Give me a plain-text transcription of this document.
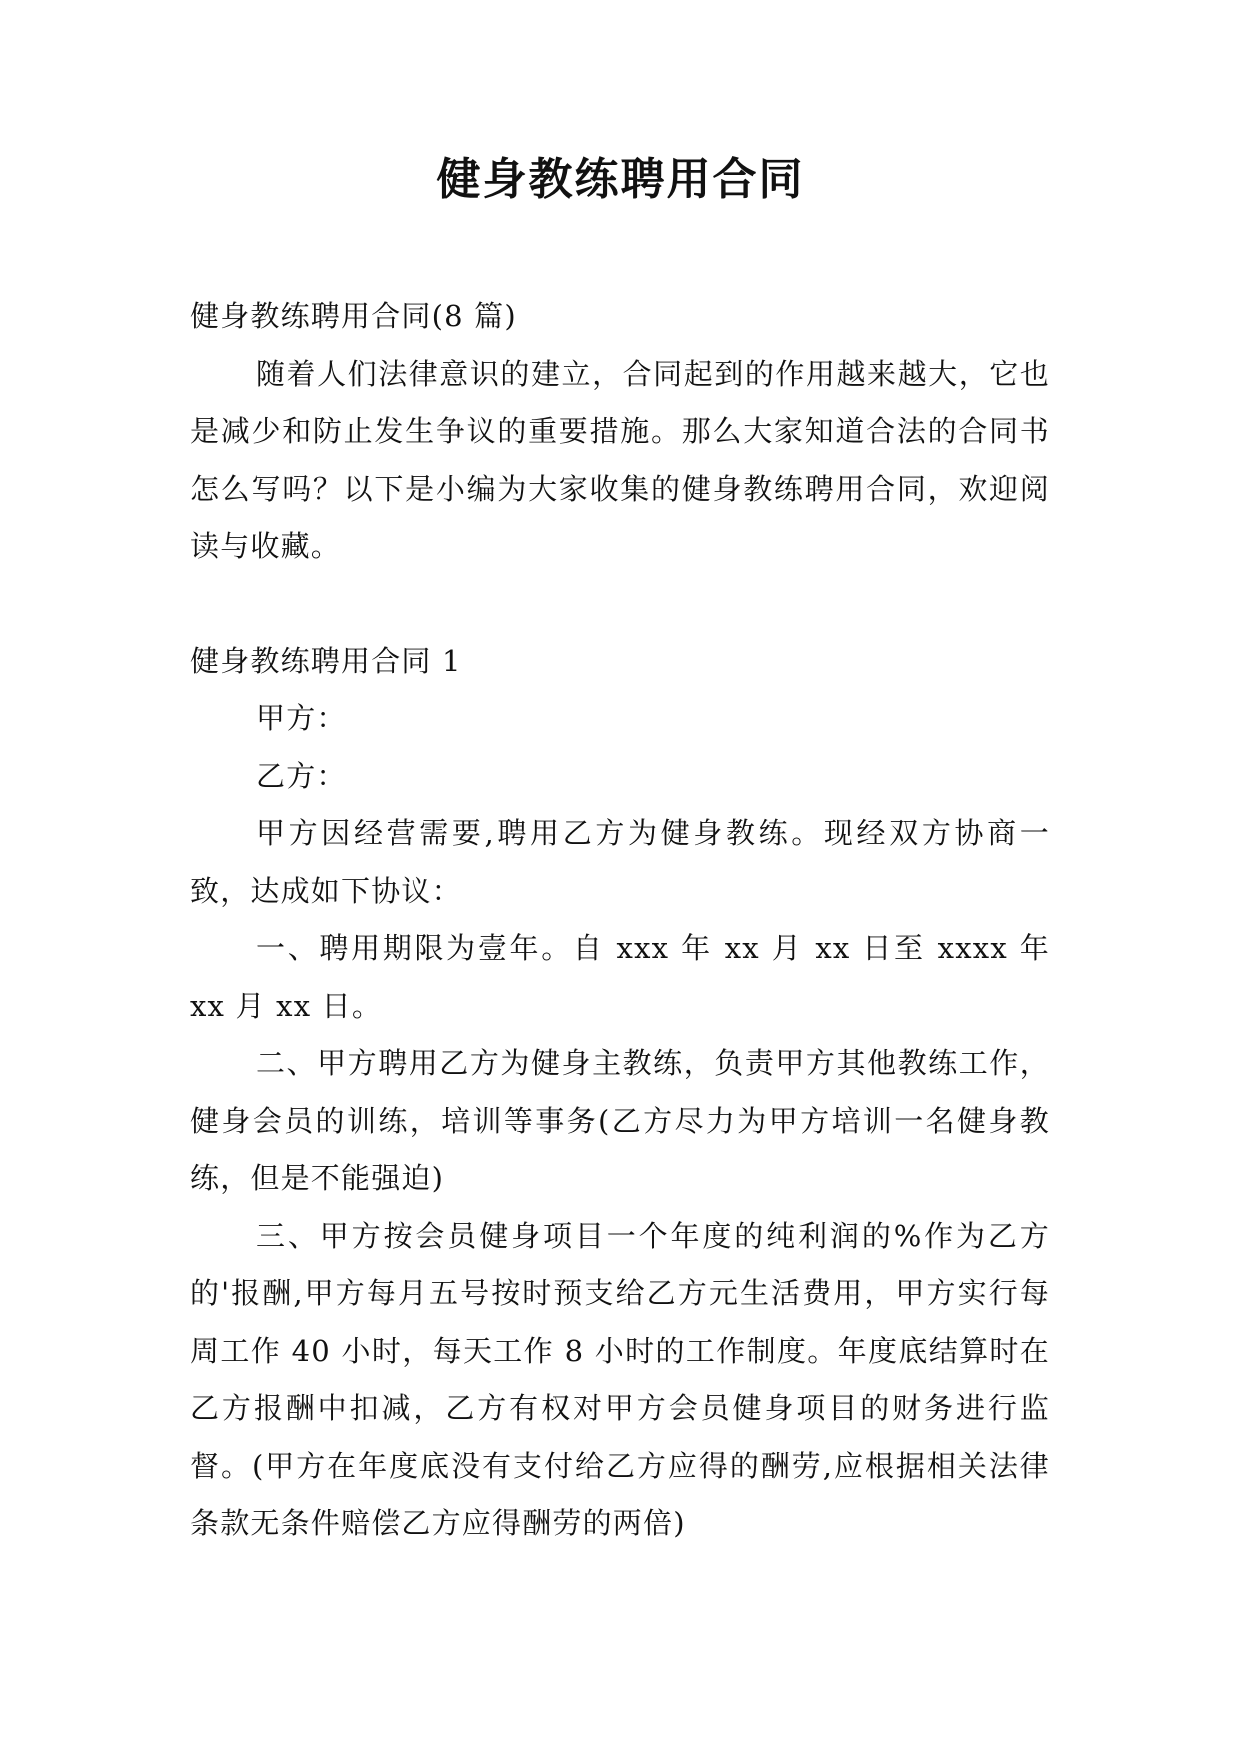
健身教练聘用合同

健身教练聘用合同(8 篇)

随着人们法律意识的建立，合同起到的作用越来越大，它也是减少和防止发生争议的重要措施。那么大家知道合法的合同书怎么写吗？以下是小编为大家收集的健身教练聘用合同，欢迎阅读与收藏。

健身教练聘用合同 1

甲方：

乙方：

甲方因经营需要,聘用乙方为健身教练。现经双方协商一致，达成如下协议：

一、聘用期限为壹年。自 xxx 年 xx 月 xx 日至 xxxx 年 xx 月 xx 日。

二、甲方聘用乙方为健身主教练，负责甲方其他教练工作，健身会员的训练，培训等事务(乙方尽力为甲方培训一名健身教练，但是不能强迫)

三、甲方按会员健身项目一个年度的纯利润的%作为乙方的'报酬,甲方每月五号按时预支给乙方元生活费用，甲方实行每周工作 40 小时，每天工作 8 小时的工作制度。年度底结算时在乙方报酬中扣减，乙方有权对甲方会员健身项目的财务进行监督。(甲方在年度底没有支付给乙方应得的酬劳,应根据相关法律条款无条件赔偿乙方应得酬劳的两倍)
